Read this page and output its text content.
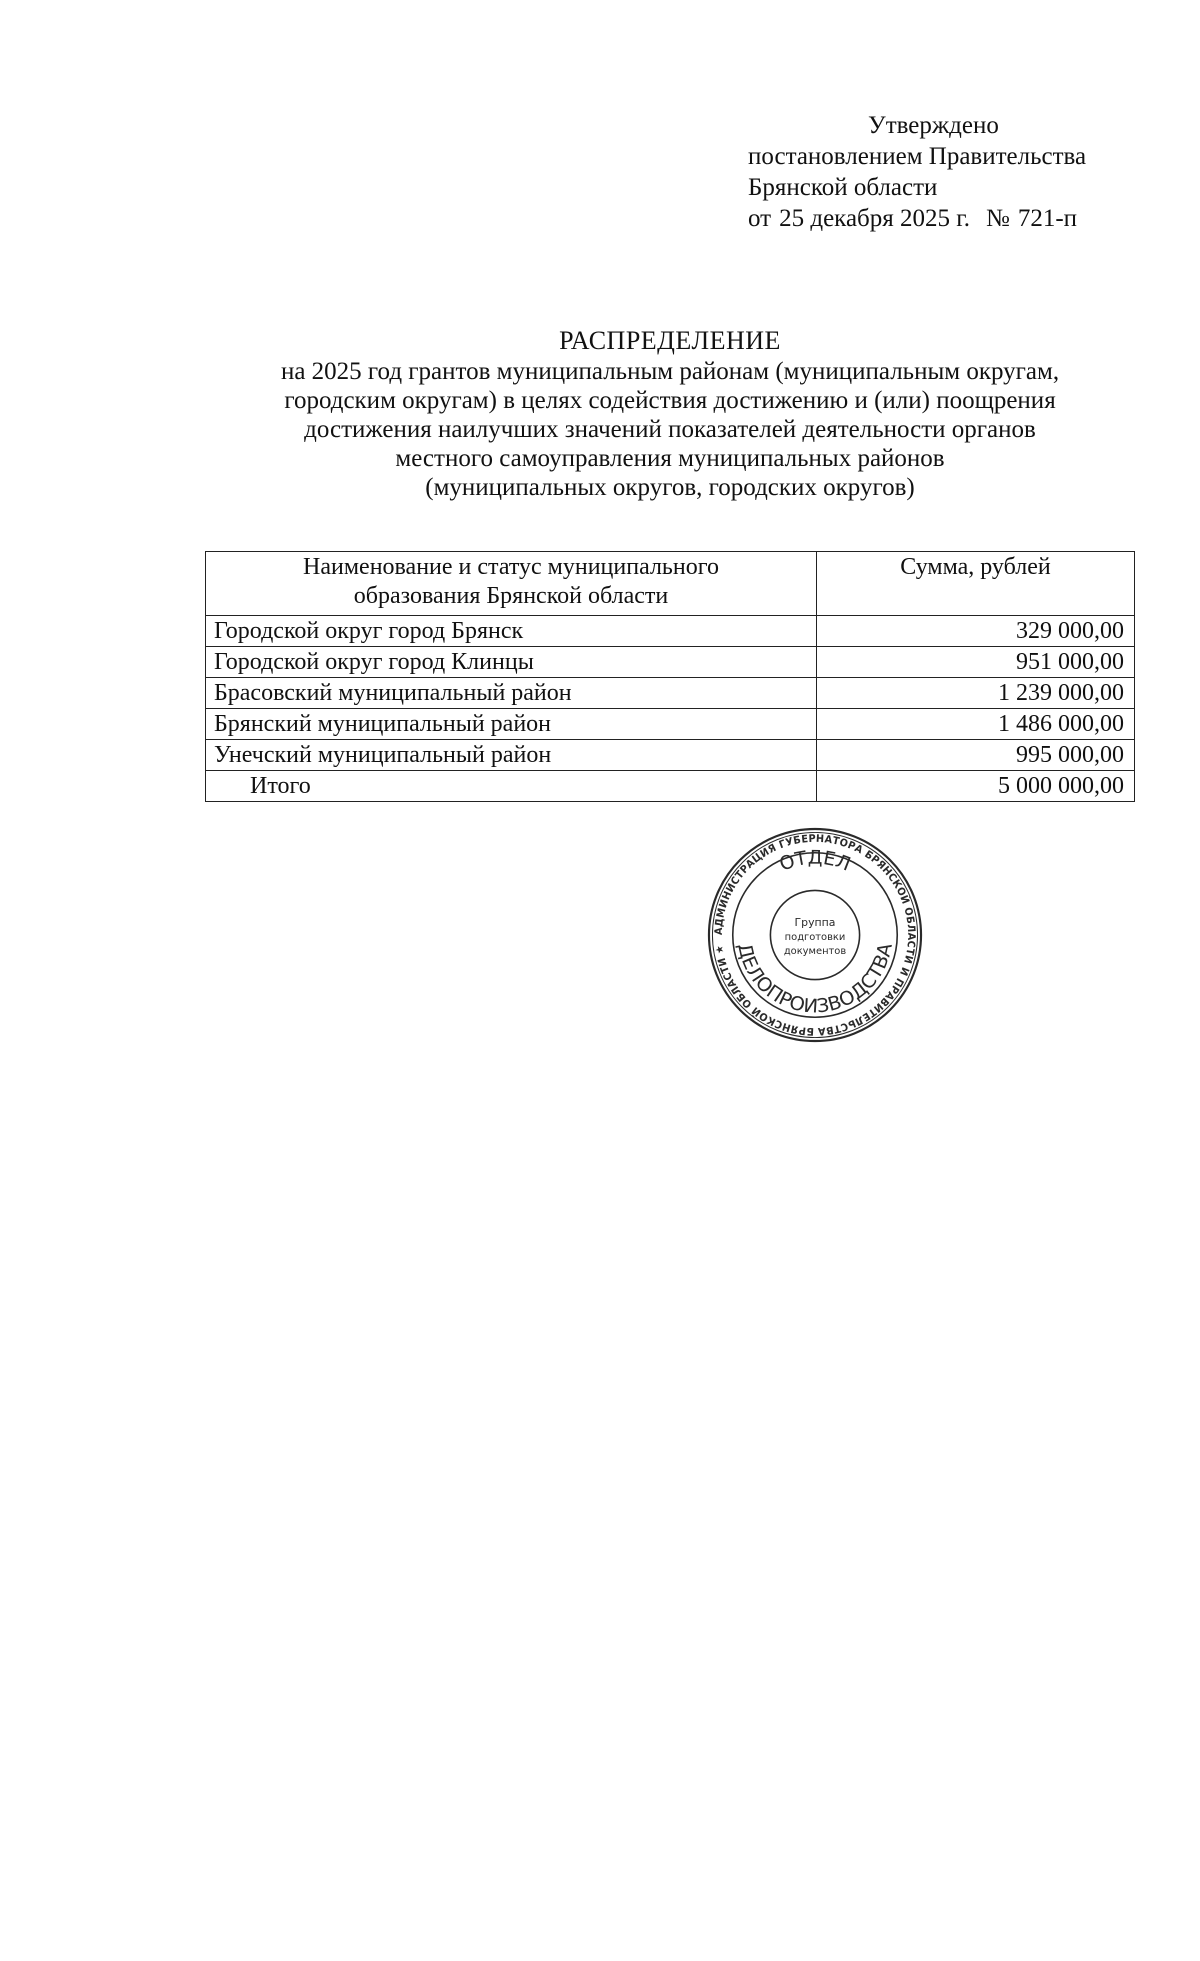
Утверждено
постановлением Правительства
Брянской области
от 25 декабря 2025 г. № 721-п
РАСПРЕДЕЛЕНИЕ
на 2025 год грантов муниципальным районам (муниципальным округам,
городским округам) в целях содействия достижению и (или) поощрения
достижения наилучших значений показателей деятельности органов
местного самоуправления муниципальных районов
(муниципальных округов, городских округов)
Наименование и статус муниципального
образования Брянской области	Сумма, рублей
Городской округ город Брянск	329 000,00
Городской округ город Клинцы	951 000,00
Брасовский муниципальный район	1 239 000,00
Брянский муниципальный район	1 486 000,00
Унечский муниципальный район	995 000,00
Итого	5 000 000,00
АДМИНИСТРАЦИЯ ГУБЕРНАТОРА БРЯНСКОЙ ОБЛАСТИ И ПРАВИТЕЛЬСТВА БРЯНСКОЙ ОБЛАСТИ ★
ОТДЕЛ
ДЕЛОПРОИЗВОДСТВА
Группа
подготовки
документов
